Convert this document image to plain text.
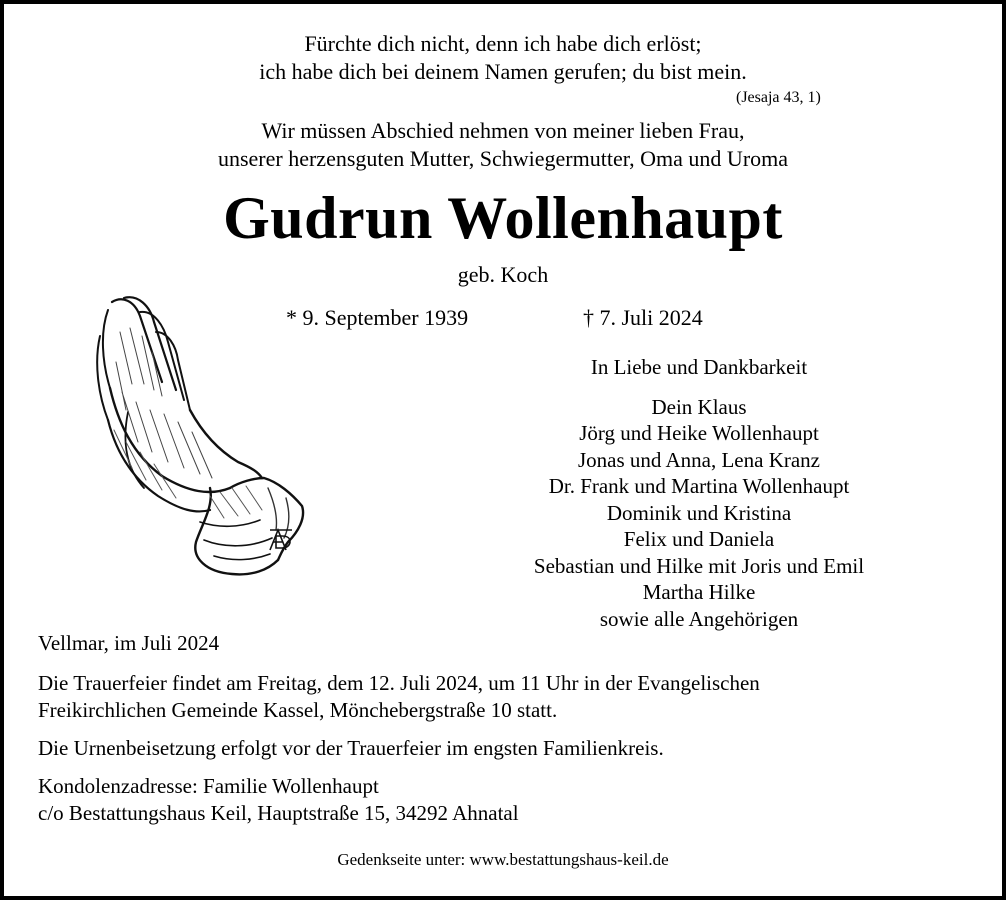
Fürchte dich nicht, denn ich habe dich erlöst;
ich habe dich bei deinem Namen gerufen; du bist mein.
(Jesaja 43, 1)
Wir müssen Abschied nehmen von meiner lieben Frau,
unserer herzensguten Mutter, Schwiegermutter, Oma und Uroma
Gudrun Wollenhaupt
geb. Koch
* 9. September 1939	† 7. Juli 2024
In Liebe und Dankbarkeit
Dein Klaus
Jörg und Heike Wollenhaupt
Jonas und Anna, Lena Kranz
Dr. Frank und Martina Wollenhaupt
Dominik und Kristina
Felix und Daniela
Sebastian und Hilke mit Joris und Emil
Martha Hilke
sowie alle Angehörigen
Vellmar, im Juli 2024
Die Trauerfeier findet am Freitag, dem 12. Juli 2024, um 11 Uhr in der Evangelischen
Freikirchlichen Gemeinde Kassel, Mönchebergstraße 10 statt.
Die Urnenbeisetzung erfolgt vor der Trauerfeier im engsten Familienkreis.
Kondolenzadresse: Familie Wollenhaupt
c/o Bestattungshaus Keil, Hauptstraße 15, 34292 Ahnatal
Gedenkseite unter: www.bestattungshaus-keil.de
